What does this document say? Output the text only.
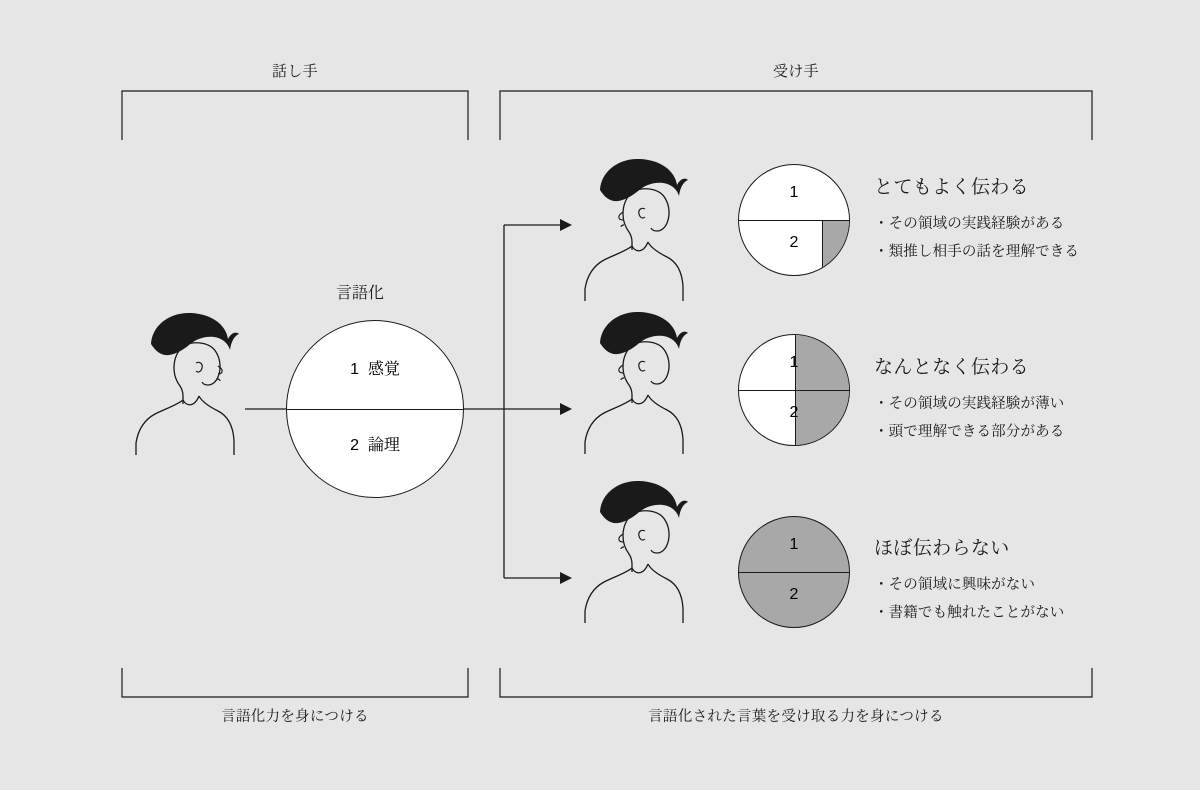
話し手	受け手
言語化力を身につける	言語化された言葉を受け取る力を身につける
言語化
1 感覚
2 論理
1
2
1
2
1
2
とてもよく伝わる
・その領域の実践経験がある
・類推し相手の話を理解できる
なんとなく伝わる
・その領域の実践経験が薄い
・頭で理解できる部分がある
ほぼ伝わらない
・その領域に興味がない
・書籍でも触れたことがない
